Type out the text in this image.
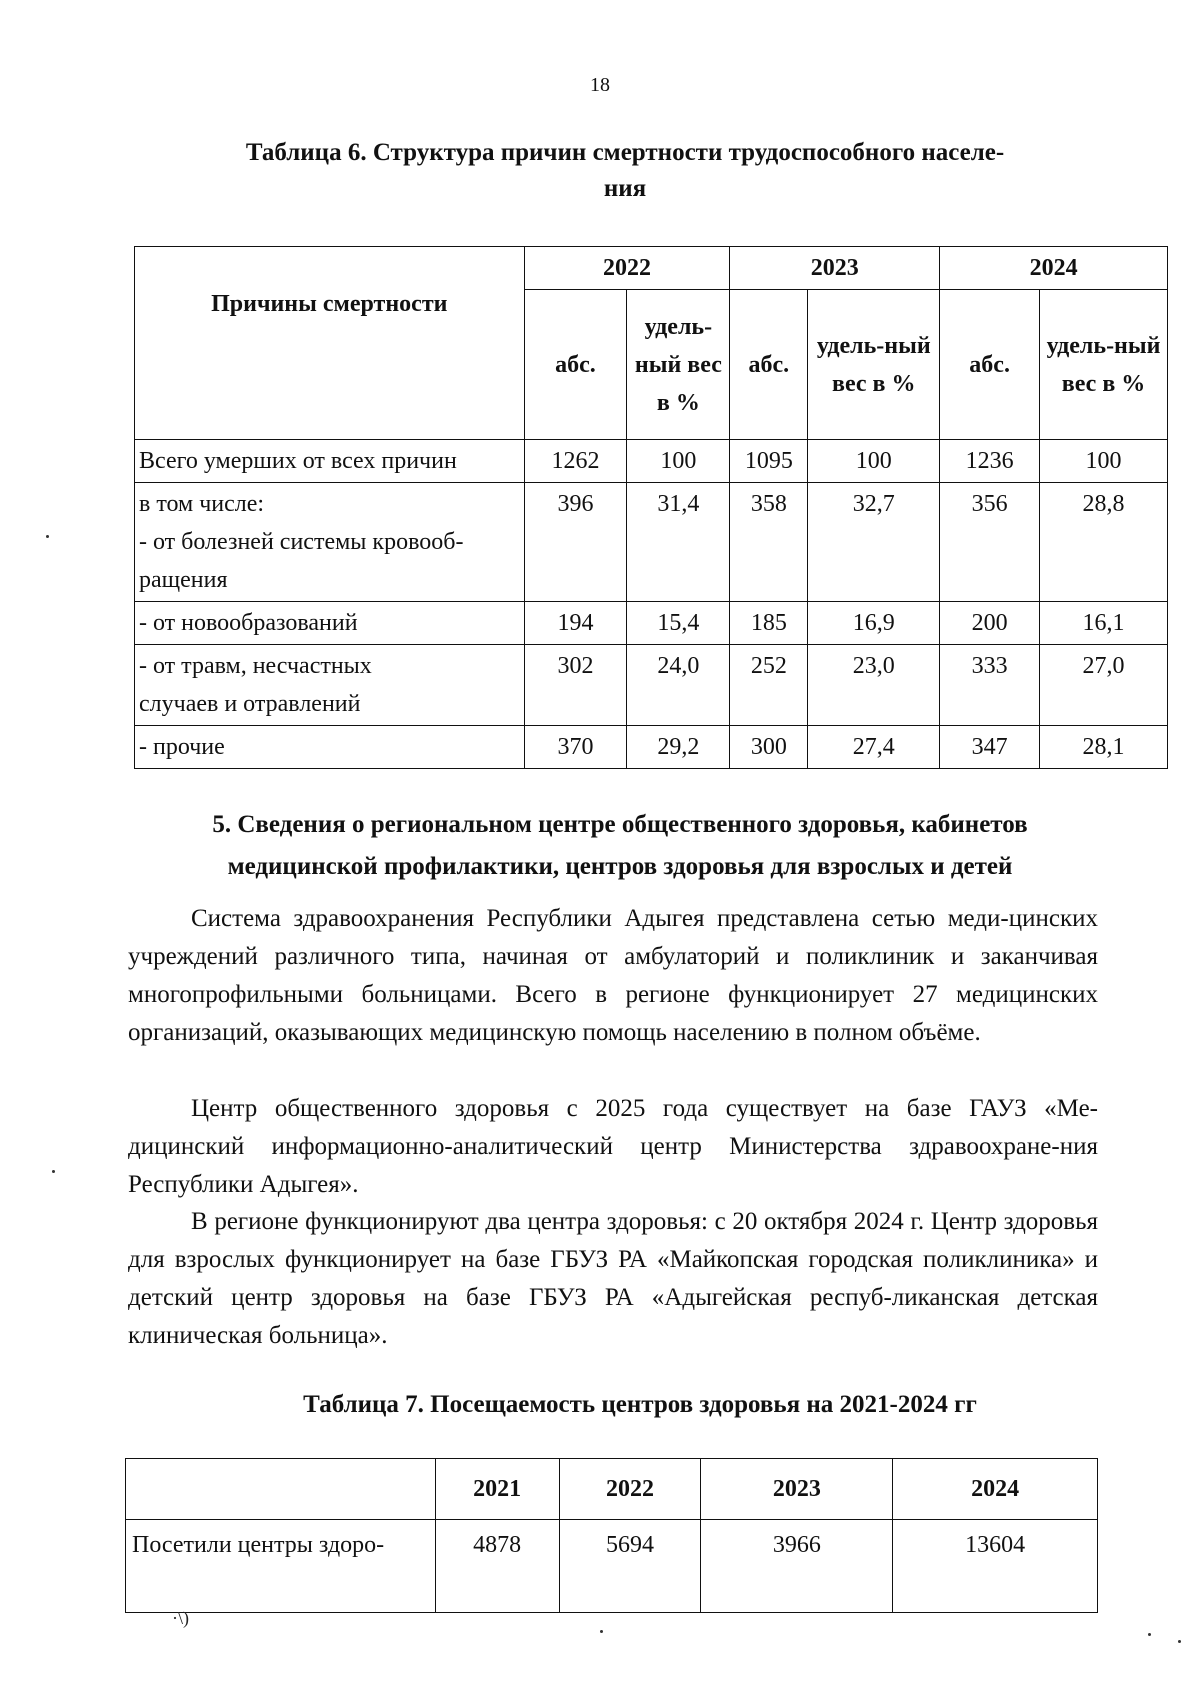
18
Таблица 6. Структура причин смертности трудоспособного населе-
ния
Причины смертности	2022		2023		2024	
	абс.	удель-ный вес в %	абс.	удель-ный вес в %	абс.	удель-ный вес в %
Всего умерших от всех причин	1262	100	1095	100	1236	100
в том числе:
- от болезней системы кровооб-
ращения	396	31,4	358	32,7	356	28,8
- от новообразований	194	15,4	185	16,9	200	16,1
- от травм, несчастных
случаев и отравлений	302	24,0	252	23,0	333	27,0
- прочие	370	29,2	300	27,4	347	28,1
5. Сведения о региональном центре общественного здоровья, кабинетов
медицинской профилактики, центров здоровья для взрослых и детей

Система здравоохранения Республики Адыгея представлена сетью меди-цинских учреждений различного типа, начиная от амбулаторий и поликлиник и заканчивая многопрофильными больницами. Всего в регионе функционирует 27 медицинских организаций, оказывающих медицинскую помощь населению в полном объёме.

Центр общественного здоровья с 2025 года существует на базе ГАУЗ «Ме-дицинский информационно-аналитический центр Министерства здравоохране-ния Республики Адыгея».

В регионе функционируют два центра здоровья: с 20 октября 2024 г. Центр здоровья для взрослых функционирует на базе ГБУЗ РА «Майкопская городская поликлиника» и детский центр здоровья на базе ГБУЗ РА «Адыгейская респуб-ликанская детская клиническая больница».

Таблица 7. Посещаемость центров здоровья на 2021-2024 гг
	2021	2022	2023	2024
Посетили центры здоро-	4878	5694	3966	13604
·\)
